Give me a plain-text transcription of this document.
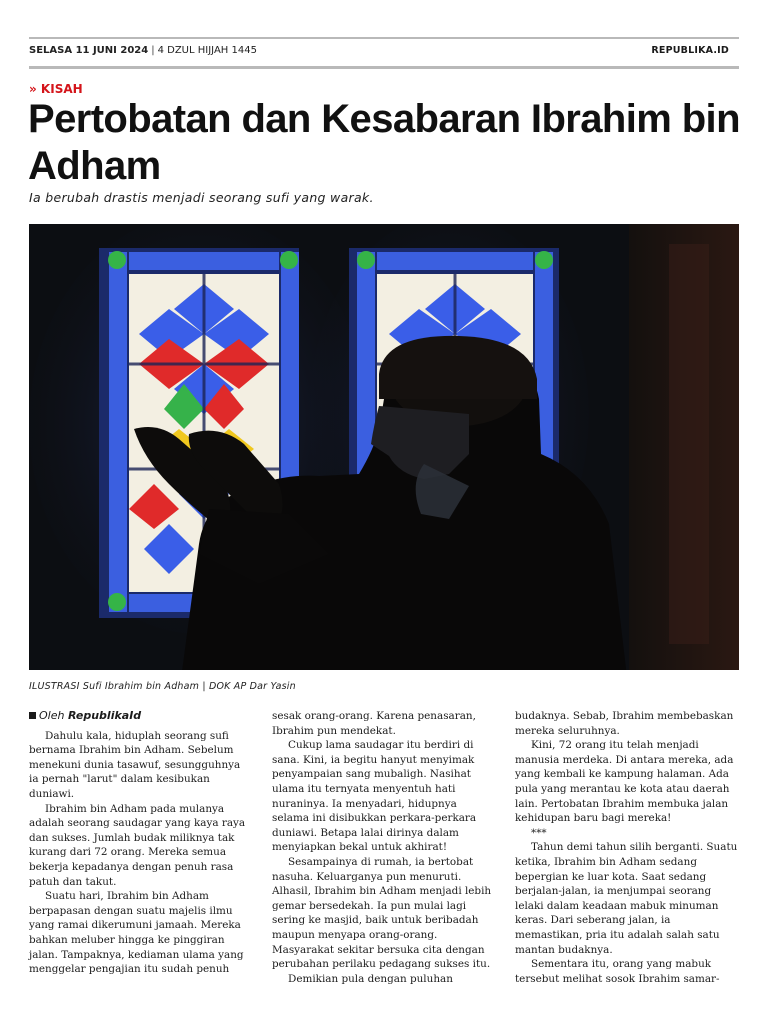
SELASA 11 JUNI 2024 | 4 DZUL HIJJAH 1445	REPUBLIKA.ID
» KISAH
Pertobatan dan Kesabaran Ibrahim bin Adham
Ia berubah drastis menjadi seorang sufi yang warak.
ILUSTRASI Sufi Ibrahim bin Adham | DOK AP Dar Yasin
Oleh RepublikaId

Dahulu kala, hiduplah seorang sufi bernama Ibrahim bin Adham. Sebelum menekuni dunia tasawuf, sesungguhnya ia pernah "larut" dalam kesibukan duniawi.

Ibrahim bin Adham pada mulanya adalah seorang saudagar yang kaya raya dan sukses. Jumlah budak miliknya tak kurang dari 72 orang. Mereka semua bekerja kepadanya dengan penuh rasa patuh dan takut.

Suatu hari, Ibrahim bin Adham berpapasan dengan suatu majelis ilmu yang ramai dikerumuni jamaah. Mereka bahkan meluber hingga ke pinggiran jalan. Tampaknya, kediaman ulama yang menggelar pengajian itu sudah penuh

sesak orang-orang. Karena penasaran, Ibrahim pun mendekat.

Cukup lama saudagar itu berdiri di sana. Kini, ia begitu hanyut menyimak penyampaian sang mubaligh. Nasihat ulama itu ternyata menyentuh hati nuraninya. Ia menyadari, hidupnya selama ini disibukkan perkara-perkara duniawi. Betapa lalai dirinya dalam menyiapkan bekal untuk akhirat!

Sesampainya di rumah, ia bertobat nasuha. Keluarganya pun menuruti. Alhasil, Ibrahim bin Adham menjadi lebih gemar bersedekah. Ia pun mulai lagi sering ke masjid, baik untuk beribadah maupun menyapa orang-orang. Masyarakat sekitar bersuka cita dengan perubahan perilaku pedagang sukses itu.

Demikian pula dengan puluhan

budaknya. Sebab, Ibrahim membebaskan mereka seluruhnya.

Kini, 72 orang itu telah menjadi manusia merdeka. Di antara mereka, ada yang kembali ke kampung halaman. Ada pula yang merantau ke kota atau daerah lain. Pertobatan Ibrahim membuka jalan kehidupan baru bagi mereka!

***

Tahun demi tahun silih berganti. Suatu ketika, Ibrahim bin Adham sedang bepergian ke luar kota. Saat sedang berjalan-jalan, ia menjumpai seorang lelaki dalam keadaan mabuk minuman keras. Dari seberang jalan, ia memastikan, pria itu adalah salah satu mantan budaknya.

Sementara itu, orang yang mabuk tersebut melihat sosok Ibrahim samar-
